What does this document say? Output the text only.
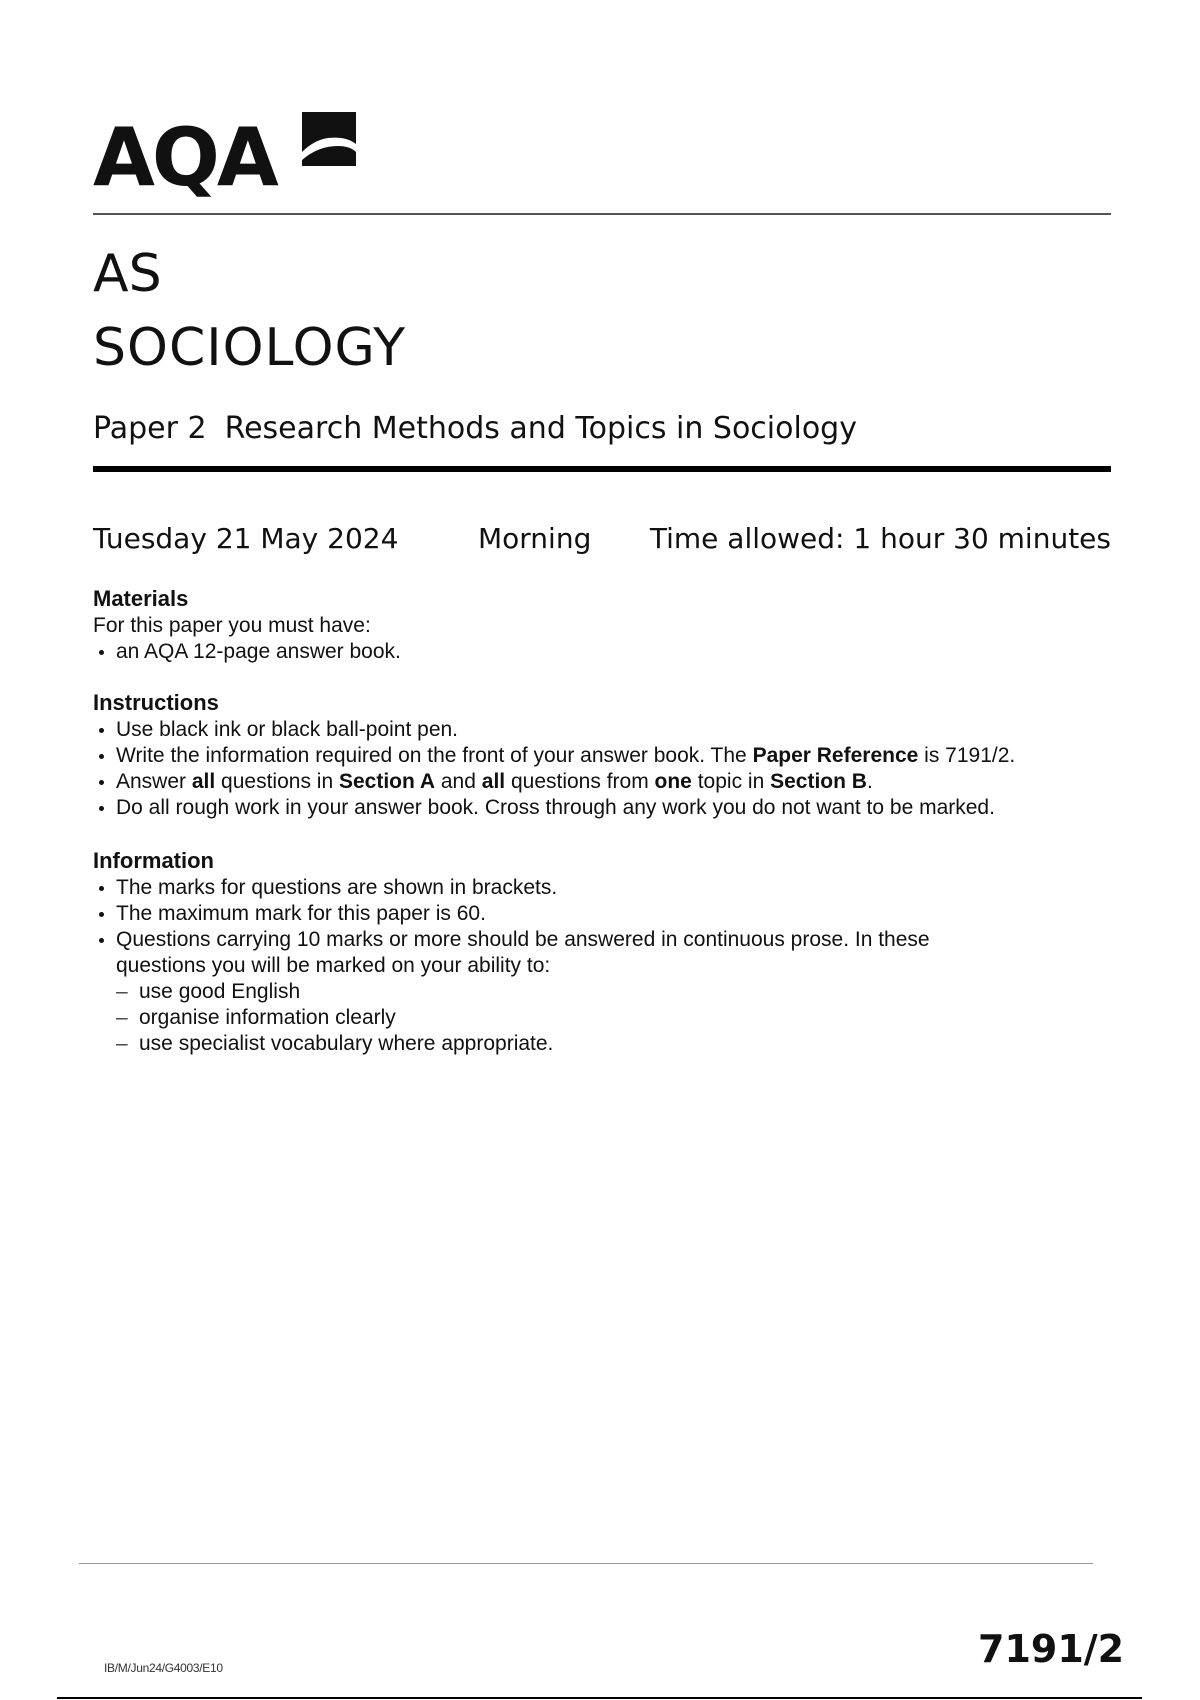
AQA
AS
SOCIOLOGY
Paper 2 Research Methods and Topics in Sociology
Tuesday 21 May 2024	Morning Time allowed: 1 hour 30 minutes
Materials

For this paper you must have:

an AQA 12-page answer book.
Instructions
Use black ink or black ball-point pen.
Write the information required on the front of your answer book. The Paper Reference is 7191/2.
Answer all questions in Section A and all questions from one topic in Section B.
Do all rough work in your answer book. Cross through any work you do not want to be marked.
Information
The marks for questions are shown in brackets.
The maximum mark for this paper is 60.
Questions carrying 10 marks or more should be answered in continuous prose. In these questions you will be marked on your ability to:
– use good English
– organise information clearly
– use specialist vocabulary where appropriate.
IB/M/Jun24/G4003/E10	7191/2
